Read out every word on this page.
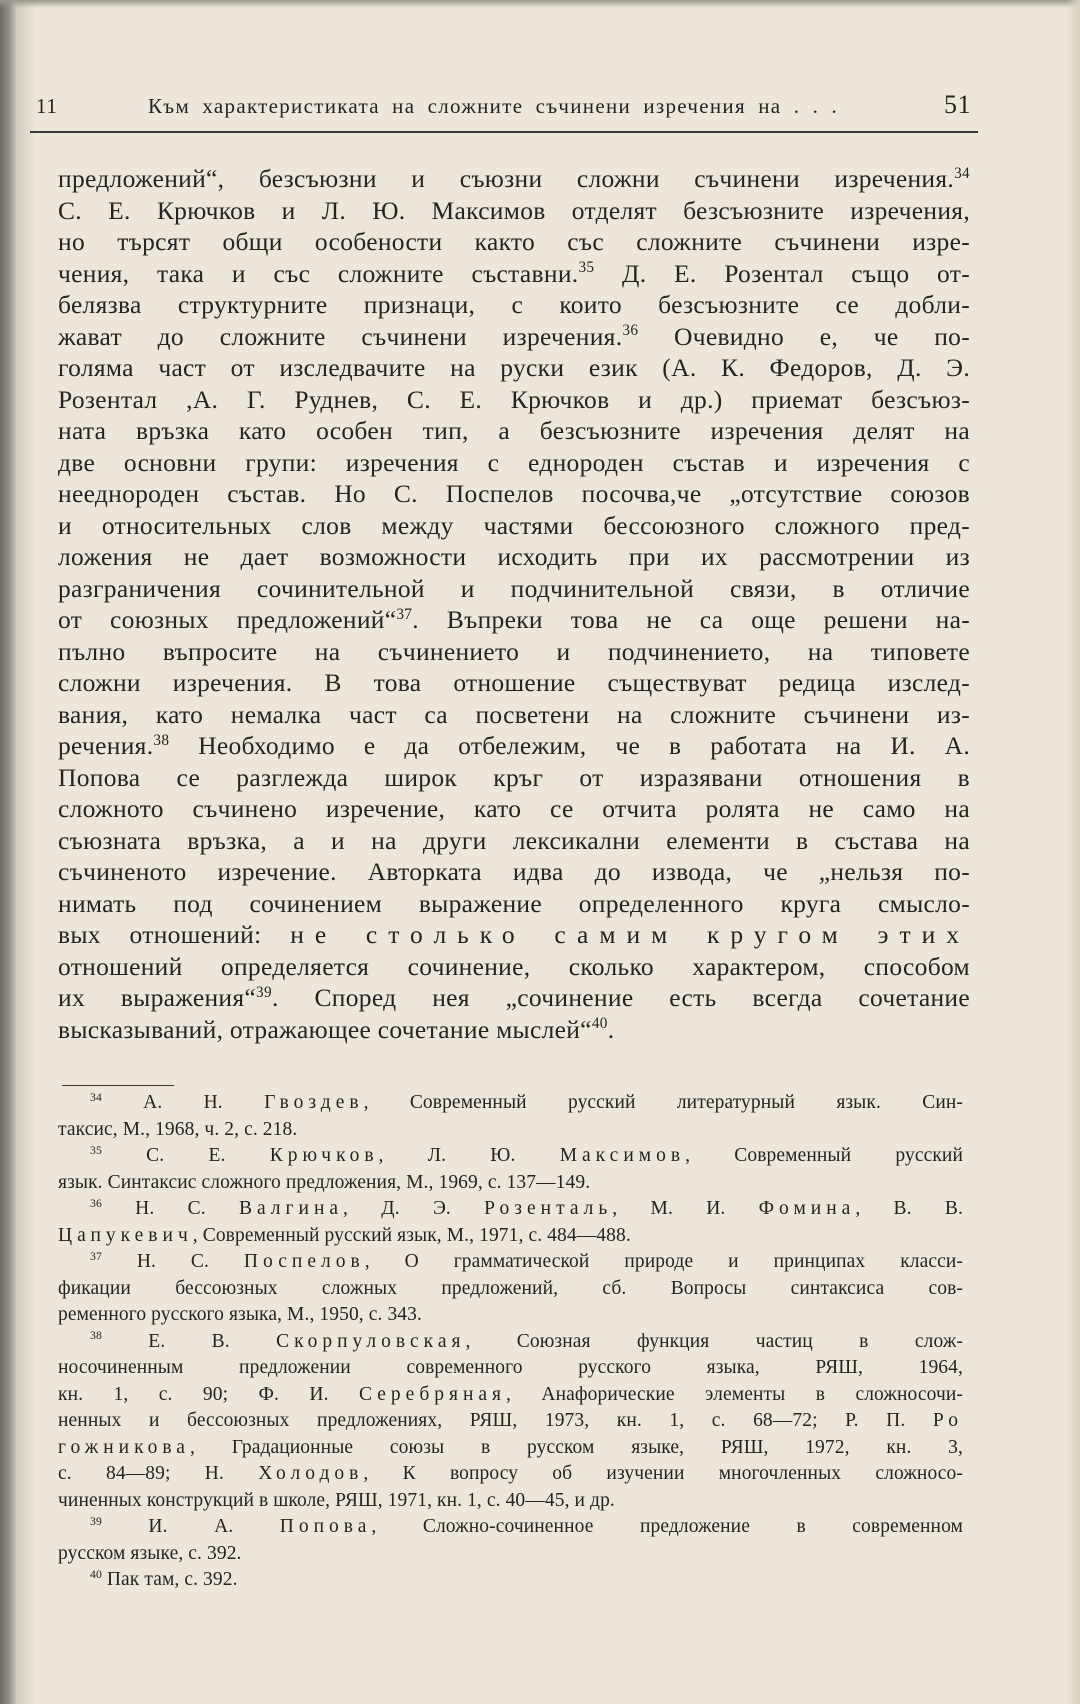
11	Към характеристиката на сложните съчинени изречения на . . .	51
предложений“, безсъюзни и съюзни сложни съчинени изречения.$^{34}$
С. Е. Крючков и Л. Ю. Максимов отделят безсъюзните изречения,
но търсят общи особености както със сложните съчинени изре-
чения, така и със сложните съставни.$^{35}$ Д. Е. Розентал също от-
белязва структурните признаци, с които безсъюзните се добли-
жават до сложните съчинени изречения.$^{36}$ Очевидно е, че по-
голяма част от изследвачите на руски език (А. К. Федоров, Д. Э.
Розентал ,А. Г. Руднев, С. Е. Крючков и др.) приемат безсъюз-
ната връзка като особен тип, а безсъюзните изречения делят на
две основни групи: изречения с еднороден състав и изречения с
нееднороден състав. Но С. Поспелов посочва,че „отсутствие союзов
и относительных слов между частями бессоюзного сложного пред-
ложения не дает возможности исходить при их рассмотрении из
разграничения сочинительной и подчинительной связи, в отличие
от союзных предложений“$^{37}$. Въпреки това не са още решени на-
пълно въпросите на съчинението и подчинението, на типовете
сложни изречения. В това отношение съществуват редица изслед-
вания, като немалка част са посветени на сложните съчинени из-
речения.$^{38}$ Необходимо е да отбележим, че в работата на И. А.
Попова се разглежда широк кръг от изразявани отношения в
сложното съчинено изречение, като се отчита ролята не само на
съюзната връзка, а и на други лексикални елементи в състава на
съчиненото изречение. Авторката идва до извода, че „нельзя по-
нимать под сочинением выражение определенного круга смысло-
вых отношений: не столько самим кругом этих
отношений определяется сочинение, сколько характером, способом
их выражения“$^{39}$. Според нея „сочинение есть всегда сочетание
высказываний, отражающее сочетание мыслей“$^{40}$.
$^{34}$ А. Н. Гвоздев, Современный русский литературный язык. Син-
таксис, М., 1968, ч. 2, с. 218.
$^{35}$ С. Е. Крючков, Л. Ю. Максимов, Современный русский
язык. Синтаксис сложного предложения, М., 1969, с. 137—149.
$^{36}$ Н. С. Валгина, Д. Э. Розенталь, М. И. Фомина, В. В.
Цапукевич, Современный русский язык, М., 1971, с. 484—488.
$^{37}$ Н. С. Поспелов, О грамматической природе и принципах класси-
фикации бессоюзных сложных предложений, сб. Вопросы синтаксиса сов-
ременного русского языка, М., 1950, с. 343.
$^{38}$ Е. В. Скорпуловская, Союзная функция частиц в слож-
носочиненным предложении современного русского языка, РЯШ, 1964,
кн. 1, с. 90; Ф. И. Серебряная, Анафорические элементы в сложносочи-
ненных и бессоюзных предложениях, РЯШ, 1973, кн. 1, с. 68—72; Р. П. Ро
гожникова, Градационные союзы в русском языке, РЯШ, 1972, кн. 3,
с. 84—89; Н. Холодов, К вопросу об изучении многочленных сложносо-
чиненных конструкций в школе, РЯШ, 1971, кн. 1, с. 40—45, и др.
$^{39}$ И. А. Попова, Сложно-сочиненное предложение в современном
русском языке, с. 392.
$^{40}$ Пак там, с. 392.
